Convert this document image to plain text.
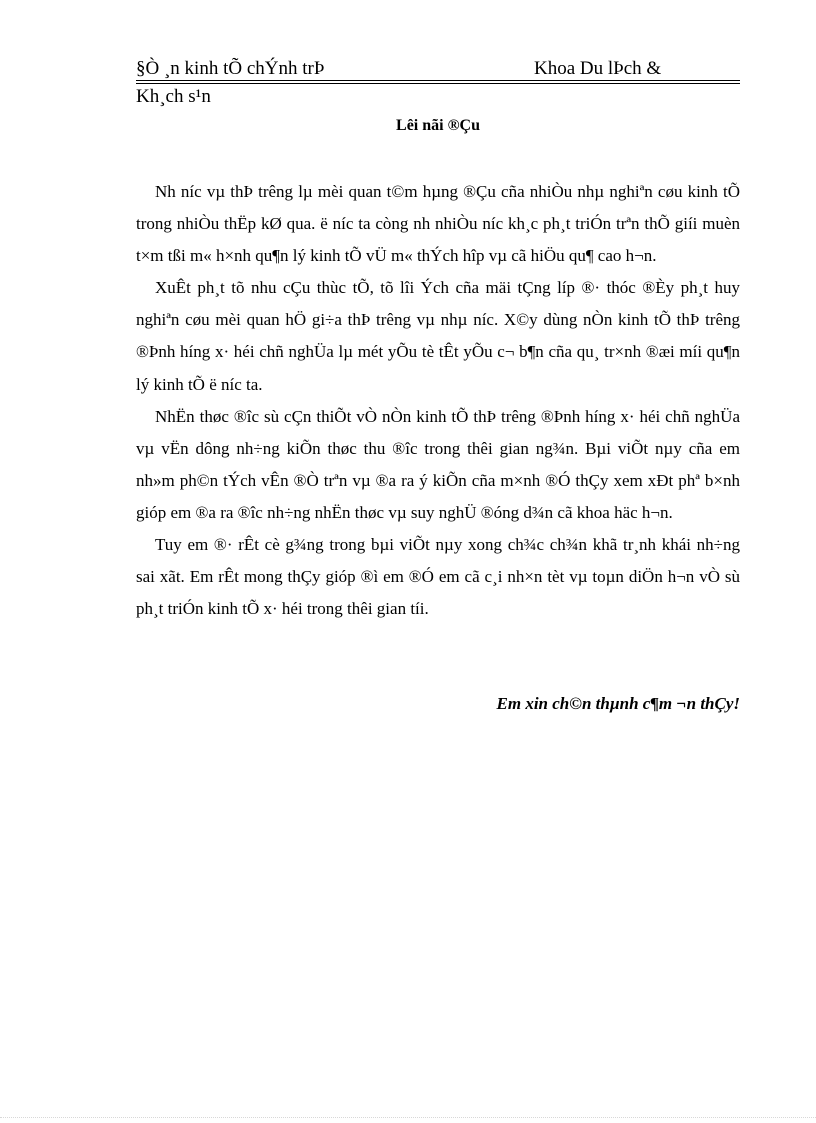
§Ò ¸n kinh tÕ chÝnh trÞ	Khoa Du lÞch &
Kh¸ch s¹n
Lêi nãi ®Çu

Nh níc vµ thÞ trêng lµ mèi quan t©m hµng ®Çu cña nhiÒu nhµ nghiªn cøu kinh tÕ trong nhiÒu thËp kØ qua. ë níc ta còng nh nhiÒu níc kh¸c ph¸t triÓn trªn thÕ giíi muèn t×m tßi m« h×nh qu¶n lý kinh tÕ vÜ m« thÝch hîp vµ cã hiÖu qu¶ cao h¬n.

XuÊt ph¸t tõ nhu cÇu thùc tÕ, tõ lîi Ých cña mäi tÇng líp ®· thóc ®Èy ph¸t huy nghiªn cøu mèi quan hÖ gi÷a thÞ trêng vµ nhµ níc. X©y dùng nÒn kinh tÕ thÞ trêng ®Þnh híng x· héi chñ nghÜa lµ mét yÕu tè tÊt yÕu c¬ b¶n cña qu¸ tr×nh ®æi míi qu¶n lý kinh tÕ ë níc ta.

NhËn thøc ®îc sù cÇn thiÕt vÒ nÒn kinh tÕ thÞ trêng ®Þnh híng x· héi chñ nghÜa vµ vËn dông nh÷ng kiÕn thøc thu ®îc trong thêi gian ng¾n. Bµi viÕt nµy cña em nh»m ph©n tÝch vÊn ®Ò trªn vµ ®a ra ý kiÕn cña m×nh ®Ó thÇy xem xÐt phª b×nh gióp em ®a ra ®îc nh÷ng nhËn thøc vµ suy nghÜ ®óng d¾n cã khoa häc h¬n.

Tuy em ®· rÊt cè g¾ng trong bµi viÕt nµy xong ch¾c ch¾n khã tr¸nh khái nh÷ng sai xãt. Em rÊt mong thÇy gióp ®ì em ®Ó em cã c¸i nh×n tèt vµ toµn diÖn h¬n vÒ sù ph¸t triÓn kinh tÕ x· héi trong thêi gian tíi.

Em xin ch©n thµnh c¶m ¬n thÇy!
